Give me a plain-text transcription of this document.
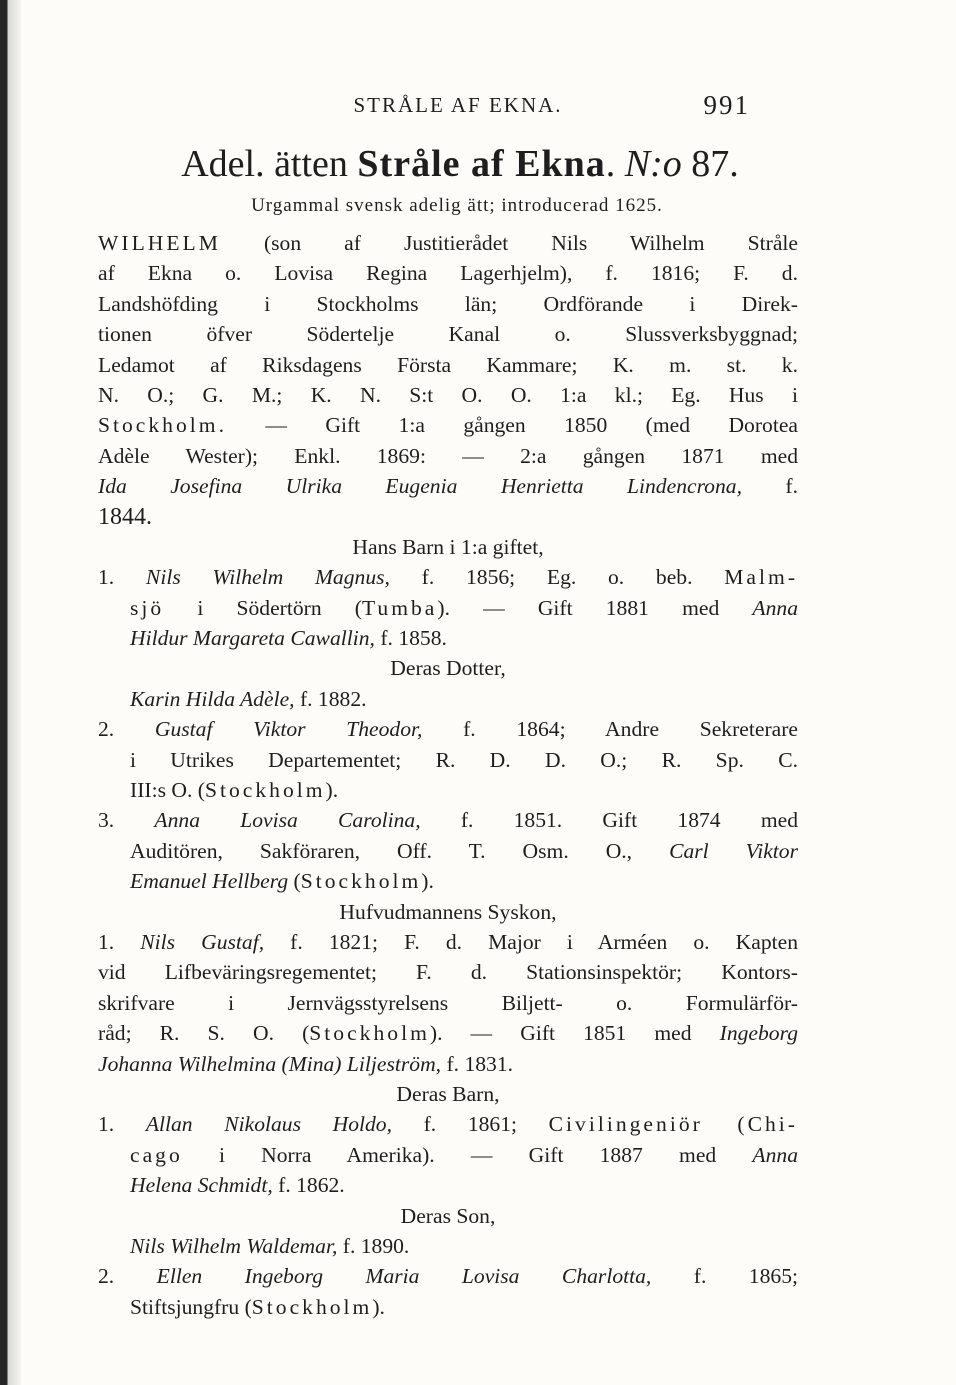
STRÅLE AF EKNA.	991
Adel. ätten Stråle af Ekna. N:o 87.
Urgammal svensk adelig ätt; introducerad 1625.
WILHELM (son af Justitierådet Nils Wilhelm Stråle
af Ekna o. Lovisa Regina Lagerhjelm), f. 1816; F. d.
Landshöfding i Stockholms län; Ordförande i Direk-
tionen öfver Södertelje Kanal o. Slussverksbyggnad;
Ledamot af Riksdagens Första Kammare; K. m. st. k.
N. O.; G. M.; K. N. S:t O. O. 1:a kl.; Eg. Hus i
Stockholm. — Gift 1:a gången 1850 (med Dorotea
Adèle Wester); Enkl. 1869: — 2:a gången 1871 med
Ida Josefina Ulrika Eugenia Henrietta Lindencrona, f.
1844.
Hans Barn i 1:a giftet,
1. Nils Wilhelm Magnus, f. 1856; Eg. o. beb. Malm-
sjö i Södertörn (Tumba). — Gift 1881 med Anna
Hildur Margareta Cawallin, f. 1858.
Deras Dotter,
Karin Hilda Adèle, f. 1882.
2. Gustaf Viktor Theodor, f. 1864; Andre Sekreterare
i Utrikes Departementet; R. D. D. O.; R. Sp. C.
III:s O. (Stockholm).
3. Anna Lovisa Carolina, f. 1851. Gift 1874 med
Auditören, Sakföraren, Off. T. Osm. O., Carl Viktor
Emanuel Hellberg (Stockholm).
Hufvudmannens Syskon,
1. Nils Gustaf, f. 1821; F. d. Major i Arméen o. Kapten
vid Lifbeväringsregementet; F. d. Stationsinspektör; Kontors-
skrifvare i Jernvägsstyrelsens Biljett- o. Formulärför-
råd; R. S. O. (Stockholm). — Gift 1851 med Ingeborg
Johanna Wilhelmina (Mina) Liljeström, f. 1831.
Deras Barn,
1. Allan Nikolaus Holdo, f. 1861; Civilingeniör (Chi-
cago i Norra Amerika). — Gift 1887 med Anna
Helena Schmidt, f. 1862.
Deras Son,
Nils Wilhelm Waldemar, f. 1890.
2. Ellen Ingeborg Maria Lovisa Charlotta, f. 1865;
Stiftsjungfru (Stockholm).
